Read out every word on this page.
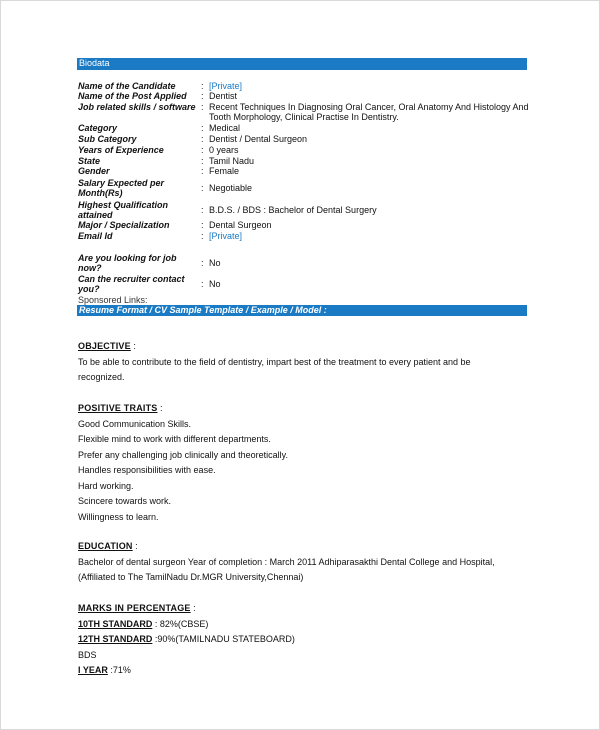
Biodata
Name of the Candidate	: [Private]
Name of the Post Applied	: Dentist
Job related skills / software : Recent Techniques In Diagnosing Oral Cancer, Oral Anatomy And Histology And Tooth Morphology, Clinical Practise In Dentistry.
Category	: Medical
Sub Category	: Dentist / Dental Surgeon
Years of Experience	: 0 years
State	: Tamil Nadu
Gender	: Female
Salary Expected per Month(Rs)	: Negotiable
Highest Qualification attained	: B.D.S. / BDS : Bachelor of Dental Surgery
Major / Specialization	: Dental Surgeon
Email Id	: [Private]
Are you looking for job now?	: No
Can the recruiter contact you?	: No
Sponsored Links:
Resume Format / CV Sample Template / Example / Model :
OBJECTIVE :
To be able to contribute to the field of dentistry, impart best of the treatment to every patient and be
recognized.
POSITIVE TRAITS :
Good Communication Skills.
Flexible mind to work with different departments.
Prefer any challenging job clinically and theoretically.
Handles responsibilities with ease.
Hard working.
Scincere towards work.
Willingness to learn.
EDUCATION :
Bachelor of dental surgeon Year of completion : March 2011 Adhiparasakthi Dental College and Hospital,
(Affiliated to The TamilNadu Dr.MGR University,Chennai)
MARKS IN PERCENTAGE :
10TH STANDARD : 82%(CBSE)
12TH STANDARD :90%(TAMILNADU STATEBOARD)
BDS
I YEAR :71%
